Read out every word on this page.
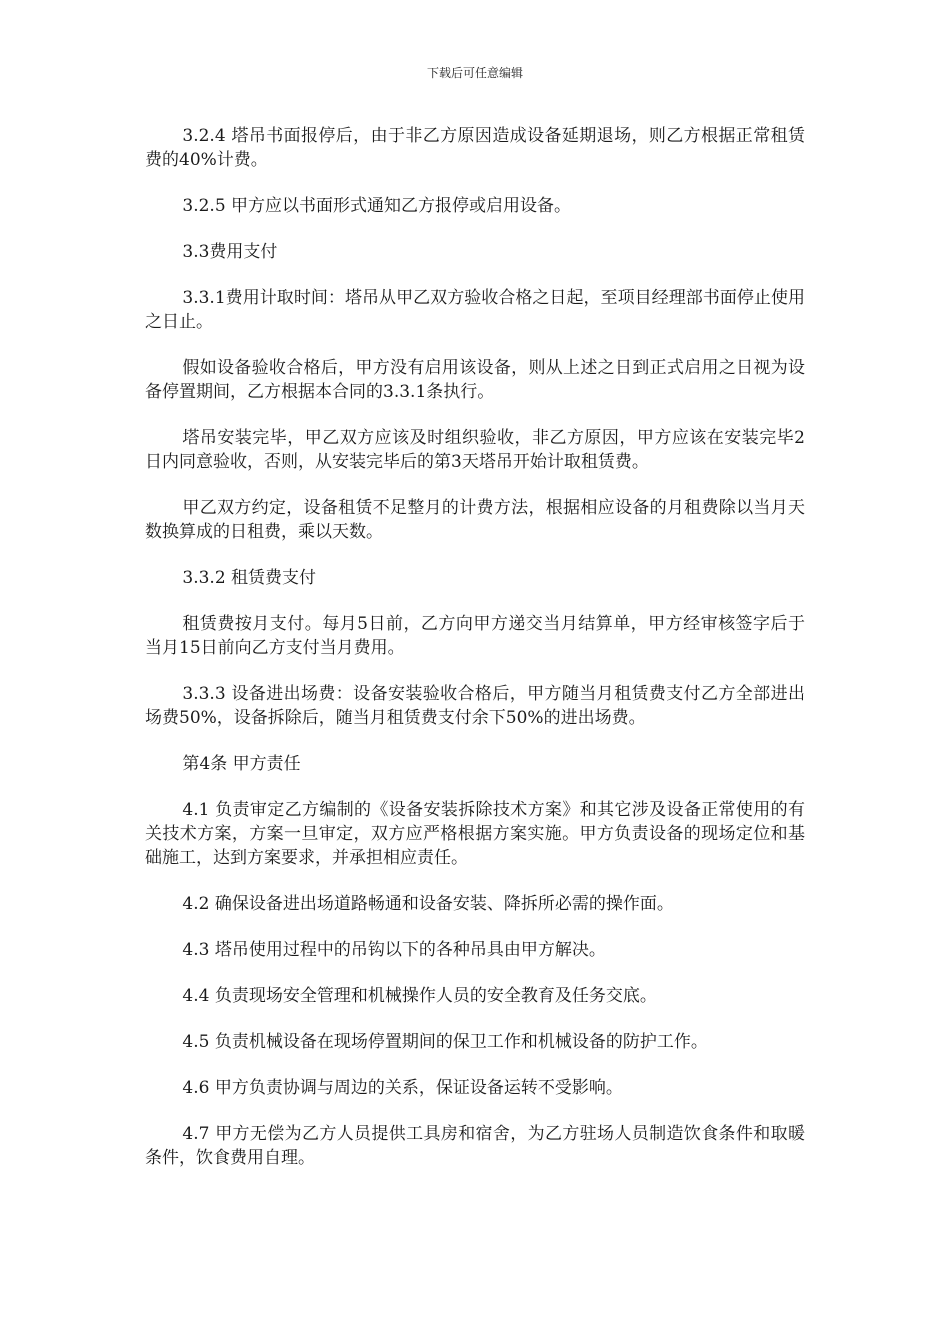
下载后可任意编辑

3.2.4 塔吊书面报停后，由于非乙方原因造成设备延期退场，则乙方根据正常租赁费的40%计费。

3.2.5 甲方应以书面形式通知乙方报停或启用设备。

3.3费用支付

3.3.1费用计取时间：塔吊从甲乙双方验收合格之日起，至项目经理部书面停止使用之日止。

假如设备验收合格后，甲方没有启用该设备，则从上述之日到正式启用之日视为设备停置期间，乙方根据本合同的3.3.1条执行。

塔吊安装完毕，甲乙双方应该及时组织验收，非乙方原因，甲方应该在安装完毕2日内同意验收，否则，从安装完毕后的第3天塔吊开始计取租赁费。

甲乙双方约定，设备租赁不足整月的计费方法，根据相应设备的月租费除以当月天数换算成的日租费，乘以天数。

3.3.2 租赁费支付

租赁费按月支付。每月5日前，乙方向甲方递交当月结算单，甲方经审核签字后于当月15日前向乙方支付当月费用。

3.3.3 设备进出场费：设备安装验收合格后，甲方随当月租赁费支付乙方全部进出场费50%，设备拆除后，随当月租赁费支付余下50%的进出场费。

第4条 甲方责任

4.1 负责审定乙方编制的《设备安装拆除技术方案》和其它涉及设备正常使用的有关技术方案，方案一旦审定，双方应严格根据方案实施。甲方负责设备的现场定位和基础施工，达到方案要求，并承担相应责任。

4.2 确保设备进出场道路畅通和设备安装、降拆所必需的操作面。

4.3 塔吊使用过程中的吊钩以下的各种吊具由甲方解决。

4.4 负责现场安全管理和机械操作人员的安全教育及任务交底。

4.5 负责机械设备在现场停置期间的保卫工作和机械设备的防护工作。

4.6 甲方负责协调与周边的关系，保证设备运转不受影响。

4.7 甲方无偿为乙方人员提供工具房和宿舍，为乙方驻场人员制造饮食条件和取暖条件，饮食费用自理。
